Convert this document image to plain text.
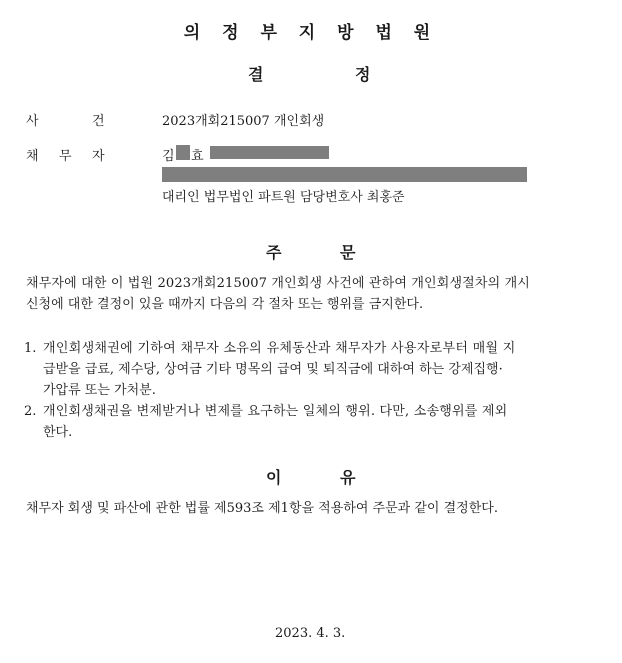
의 정 부 지 방 법 원
결	정
사	건	2023개회215007 개인회생
채 무 자	김 효
대리인 법무법인 파트원 담당변호사 최홍준
주	문
채무자에 대한 이 법원 2023개회215007 개인회생 사건에 관하여 개인회생절차의 개시
신청에 대한 결정이 있을 때까지 다음의 각 절차 또는 행위를 금지한다.
1. 개인회생채권에 기하여 채무자 소유의 유체동산과 채무자가 사용자로부터 매월 지
급받을 급료, 제수당, 상여금 기타 명목의 급여 및 퇴직금에 대하여 하는 강제집행·
가압류 또는 가처분.
2. 개인회생채권을 변제받거나 변제를 요구하는 일체의 행위. 다만, 소송행위를 제외
한다.
이	유
채무자 회생 및 파산에 관한 법률 제593조 제1항을 적용하여 주문과 같이 결정한다.
2023. 4. 3.
